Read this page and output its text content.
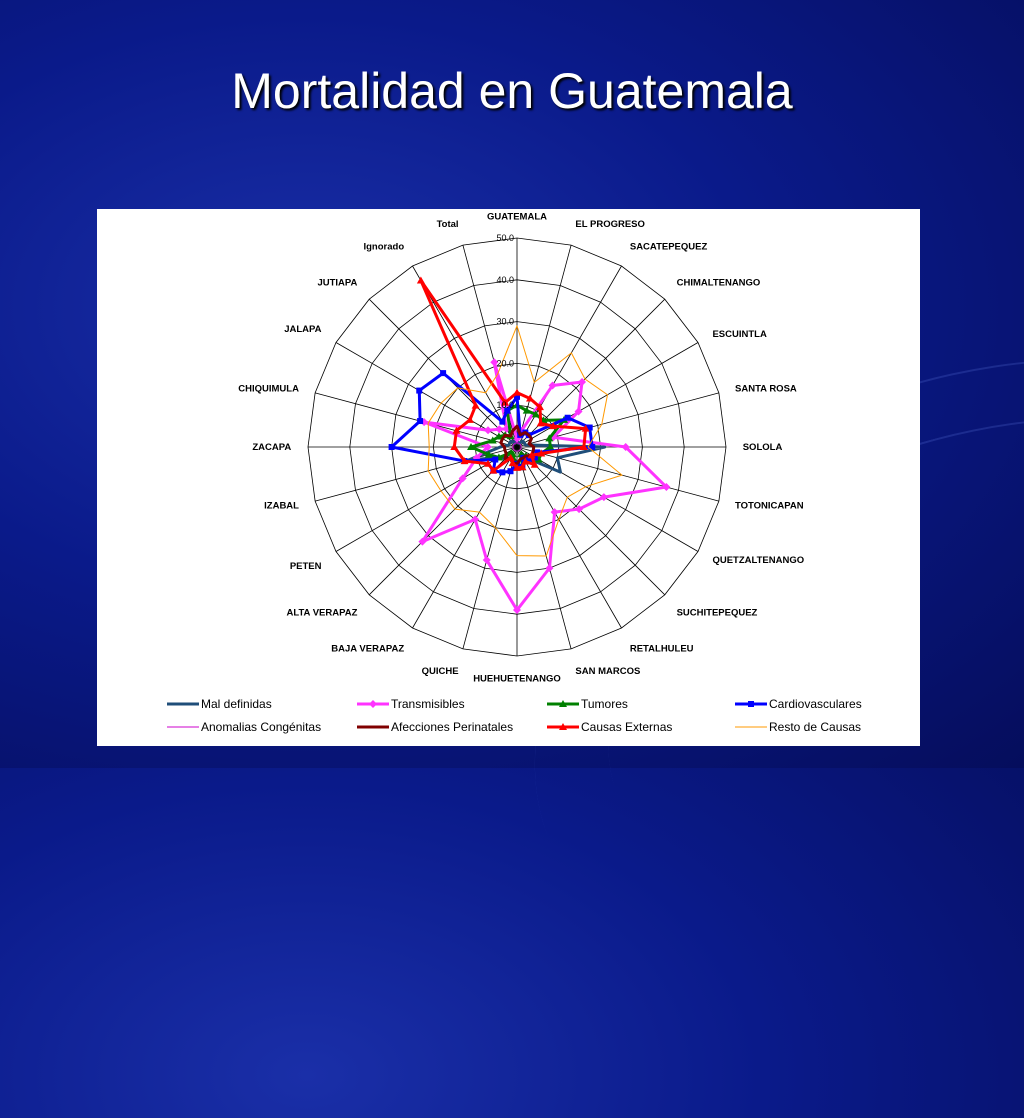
Mortalidad en Guatemala
10.0
20.0
30.0
40.0
50.0
GUATEMALA
EL PROGRESO
SACATEPEQUEZ
CHIMALTENANGO
ESCUINTLA
SANTA ROSA
SOLOLA
TOTONICAPAN
QUETZALTENANGO
SUCHITEPEQUEZ
RETALHULEU
SAN MARCOS
HUEHUETENANGO
QUICHE
BAJA VERAPAZ
ALTA VERAPAZ
PETEN
IZABAL
ZACAPA
CHIQUIMULA
JALAPA
JUTIAPA
Ignorado
Total
Mal definidas	Transmisibles	Tumores	Cardiovasculares
Anomalias Congénitas	Afecciones Perinatales	Causas Externas	Resto de Causas
